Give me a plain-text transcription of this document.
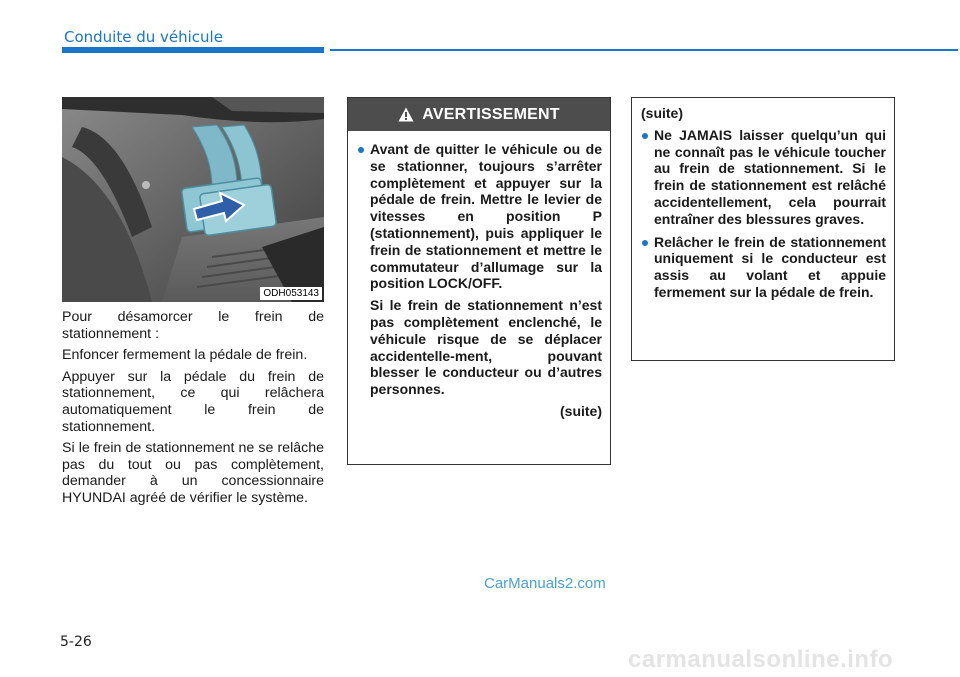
Conduite du véhicule
ODH053143

Pour désamorcer le frein de stationnement :

Enfoncer fermement la pédale de frein.

Appuyer sur la pédale du frein de stationnement, ce qui relâchera automatiquement le frein de stationnement.

Si le frein de stationnement ne se relâche pas du tout ou pas complètement, demander à un concessionnaire HYUNDAI agréé de vérifier le système.

AVERTISSEMENT

Avant de quitter le véhicule ou de se stationner, toujours s’arrêter complètement et appuyer sur la pédale de frein. Mettre le levier de vitesses en position P (stationnement), puis appliquer le frein de stationnement et mettre le commutateur d’allumage sur la position LOCK/OFF.

Si le frein de stationnement n’est pas complètement enclenché, le véhicule risque de se déplacer accidentelle-ment, pouvant blesser le conducteur ou d’autres personnes.

(suite)

(suite)

Ne JAMAIS laisser quelqu’un qui ne connaît pas le véhicule toucher au frein de stationnement. Si le frein de stationnement est relâché accidentellement, cela pourrait entraîner des blessures graves.

Relâcher le frein de stationnement uniquement si le conducteur est assis au volant et appuie fermement sur la pédale de frein.

CarManuals2.com
5-26
carmanualsonline.info
